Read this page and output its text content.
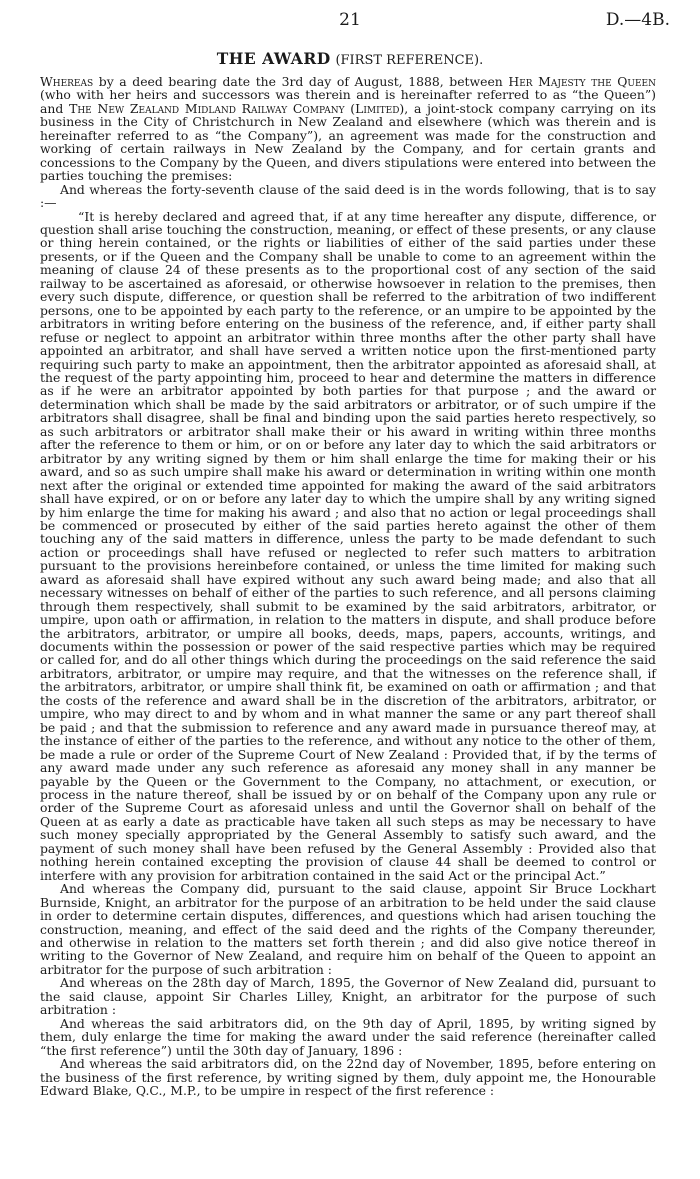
21	D.—4B.
THE AWARD (FIRST REFERENCE).

Whereas by a deed bearing date the 3rd day of August, 1888, between Her Majesty the Queen (who with her heirs and successors was therein and is hereinafter referred to as “the Queen”) and The New Zealand Midland Railway Company (Limited), a joint-stock company carrying on its business in the City of Christchurch in New Zealand and elsewhere (which was therein and is hereinafter referred to as “the Company”), an agreement was made for the construction and working of certain railways in New Zealand by the Company, and for certain grants and concessions to the Company by the Queen, and divers stipulations were entered into between the parties touching the premises:

And whereas the forty-seventh clause of the said deed is in the words following, that is to say :—

“It is hereby declared and agreed that, if at any time hereafter any dispute, difference, or question shall arise touching the construction, meaning, or effect of these presents, or any clause or thing herein contained, or the rights or liabilities of either of the said parties under these presents, or if the Queen and the Company shall be unable to come to an agreement within the meaning of clause 24 of these presents as to the proportional cost of any section of the said railway to be ascertained as aforesaid, or otherwise howsoever in relation to the premises, then every such dispute, difference, or question shall be referred to the arbitration of two indifferent persons, one to be appointed by each party to the reference, or an umpire to be appointed by the arbitrators in writing before entering on the business of the reference, and, if either party shall refuse or neglect to appoint an arbitrator within three months after the other party shall have appointed an arbitrator, and shall have served a written notice upon the first-mentioned party requiring such party to make an appointment, then the arbitrator appointed as aforesaid shall, at the request of the party appointing him, proceed to hear and determine the matters in difference as if he were an arbitrator appointed by both parties for that purpose ; and the award or determination which shall be made by the said arbitrators or arbitrator, or of such umpire if the arbitrators shall disagree, shall be final and binding upon the said parties hereto respectively, so as such arbitrators or arbitrator shall make their or his award in writing within three months after the reference to them or him, or on or before any later day to which the said arbitrators or arbitrator by any writing signed by them or him shall enlarge the time for making their or his award, and so as such umpire shall make his award or determination in writing within one month next after the original or extended time appointed for making the award of the said arbitrators shall have expired, or on or before any later day to which the umpire shall by any writing signed by him enlarge the time for making his award ; and also that no action or legal proceedings shall be commenced or prosecuted by either of the said parties hereto against the other of them touching any of the said matters in difference, unless the party to be made defendant to such action or proceedings shall have refused or neglected to refer such matters to arbitration pursuant to the provisions hereinbefore contained, or unless the time limited for making such award as aforesaid shall have expired without any such award being made; and also that all necessary witnesses on behalf of either of the parties to such reference, and all persons claiming through them respectively, shall submit to be examined by the said arbitrators, arbitrator, or umpire, upon oath or affirmation, in relation to the matters in dispute, and shall produce before the arbitrators, arbitrator, or umpire all books, deeds, maps, papers, accounts, writings, and documents within the possession or power of the said respective parties which may be required or called for, and do all other things which during the proceedings on the said reference the said arbitrators, arbitrator, or umpire may require, and that the witnesses on the reference shall, if the arbitrators, arbitrator, or umpire shall think fit, be examined on oath or affirmation ; and that the costs of the reference and award shall be in the discretion of the arbitrators, arbitrator, or umpire, who may direct to and by whom and in what manner the same or any part thereof shall be paid ; and that the submission to reference and any award made in pursuance thereof may, at the instance of either of the parties to the reference, and without any notice to the other of them, be made a rule or order of the Supreme Court of New Zealand : Provided that, if by the terms of any award made under any such reference as aforesaid any money shall in any manner be payable by the Queen or the Government to the Company, no attachment, or execution, or process in the nature thereof, shall be issued by or on behalf of the Company upon any rule or order of the Supreme Court as aforesaid unless and until the Governor shall on behalf of the Queen at as early a date as practicable have taken all such steps as may be necessary to have such money specially appropriated by the General Assembly to satisfy such award, and the payment of such money shall have been refused by the General Assembly : Provided also that nothing herein contained excepting the provision of clause 44 shall be deemed to control or interfere with any provision for arbitration contained in the said Act or the principal Act.”

And whereas the Company did, pursuant to the said clause, appoint Sir Bruce Lockhart Burnside, Knight, an arbitrator for the purpose of an arbitration to be held under the said clause in order to determine certain disputes, differences, and questions which had arisen touching the construction, meaning, and effect of the said deed and the rights of the Company thereunder, and otherwise in relation to the matters set forth therein ; and did also give notice thereof in writing to the Governor of New Zealand, and require him on behalf of the Queen to appoint an arbitrator for the purpose of such arbitration :

And whereas on the 28th day of March, 1895, the Governor of New Zealand did, pursuant to the said clause, appoint Sir Charles Lilley, Knight, an arbitrator for the purpose of such arbitration :

And whereas the said arbitrators did, on the 9th day of April, 1895, by writing signed by them, duly enlarge the time for making the award under the said reference (hereinafter called “the first reference”) until the 30th day of January, 1896 :

And whereas the said arbitrators did, on the 22nd day of November, 1895, before entering on the business of the first reference, by writing signed by them, duly appoint me, the Honourable Edward Blake, Q.C., M.P., to be umpire in respect of the first reference :
